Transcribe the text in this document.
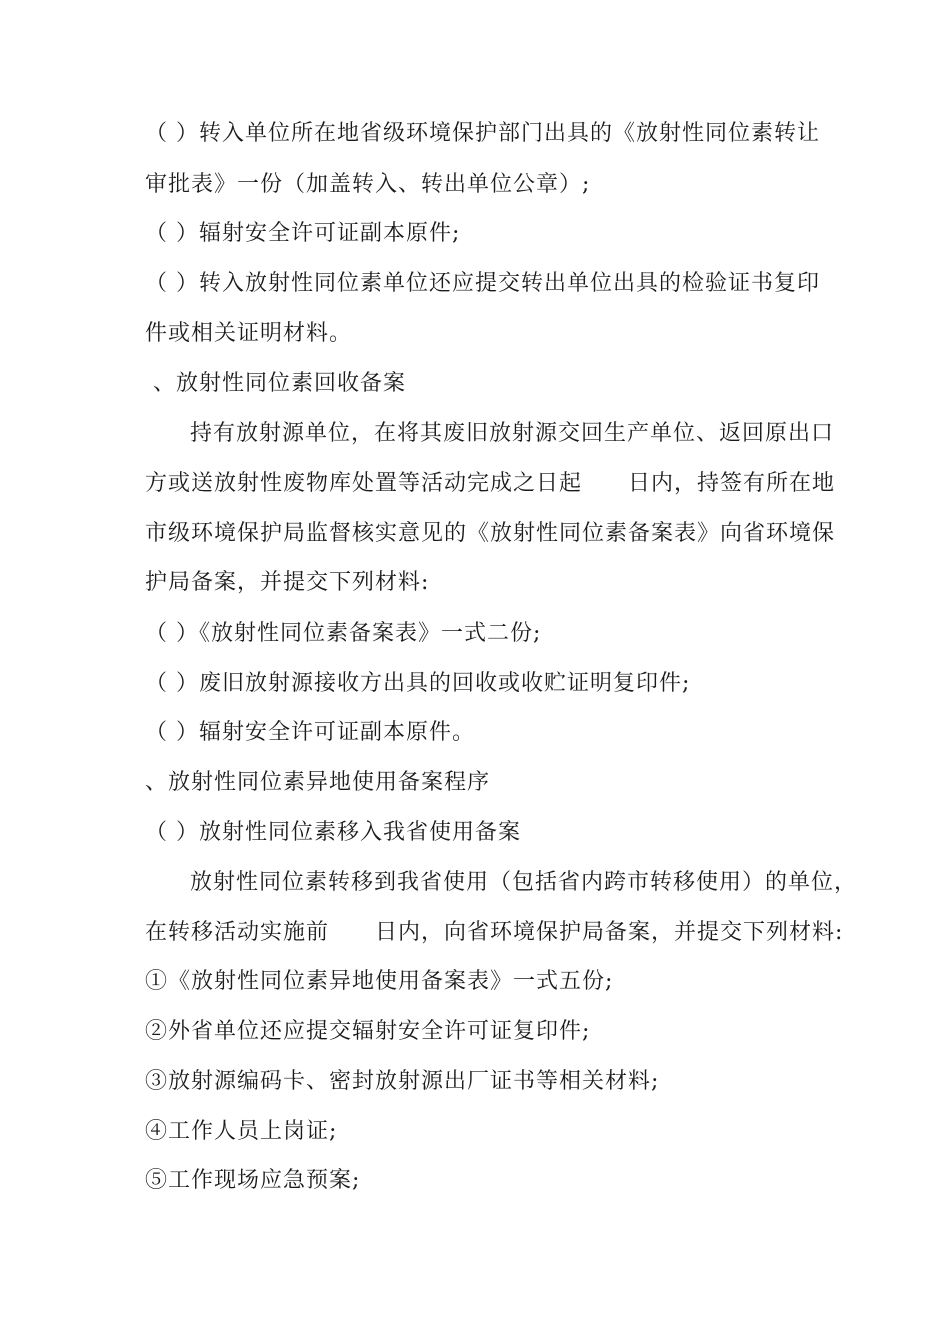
（ ）转入单位所在地省级环境保护部门出具的《放射性同位素转让
审批表》一份（加盖转入、转出单位公章）;
（ ）辐射安全许可证副本原件;
（ ）转入放射性同位素单位还应提交转出单位出具的检验证书复印
件或相关证明材料。
、放射性同位素回收备案
持有放射源单位，在将其废旧放射源交回生产单位、返回原出口
方或送放射性废物库处置等活动完成之日起　　日内，持签有所在地
市级环境保护局监督核实意见的《放射性同位素备案表》向省环境保
护局备案，并提交下列材料:
（ ）《放射性同位素备案表》一式二份;
（ ）废旧放射源接收方出具的回收或收贮证明复印件;
（ ）辐射安全许可证副本原件。
、放射性同位素异地使用备案程序
（ ）放射性同位素移入我省使用备案
放射性同位素转移到我省使用（包括省内跨市转移使用）的单位，
在转移活动实施前　　日内，向省环境保护局备案，并提交下列材料:
①《放射性同位素异地使用备案表》一式五份;
②外省单位还应提交辐射安全许可证复印件;
③放射源编码卡、密封放射源出厂证书等相关材料;
④工作人员上岗证;
⑤工作现场应急预案;
